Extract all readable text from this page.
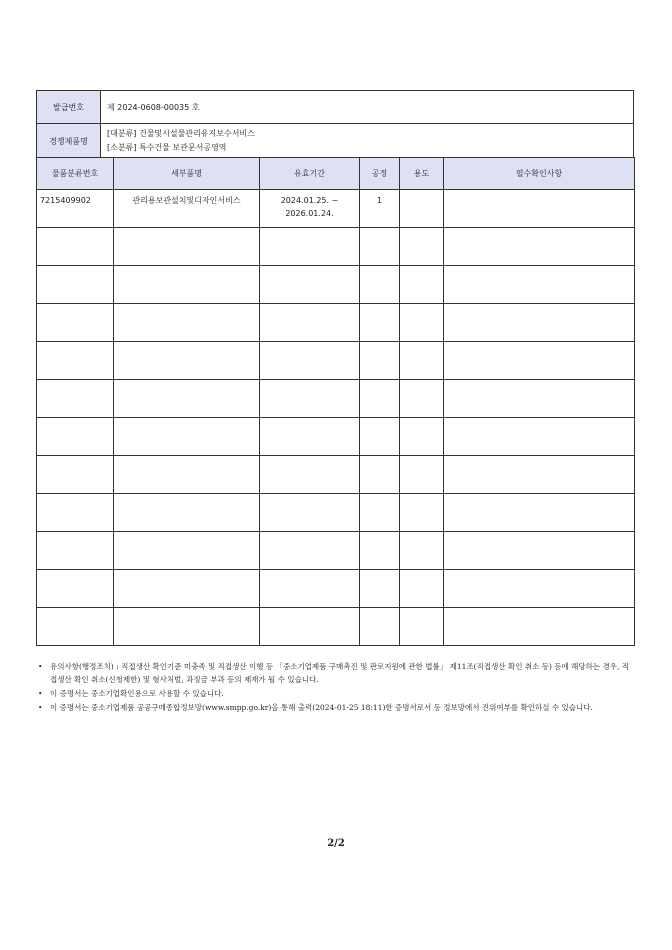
발급번호	제 2024-0608-00035 호
경쟁제품명	[대분류] 건물및시설물관리유지보수서비스
[소분류] 특수건물 보관문서공영역
물품분류번호	세부품명	유효기간	공정	용도	필수확인사항

7215409902	관리용보관설치및디자인서비스	2024.01.25. ~ 2026.01.24.	1		

•	유의사항(행정조치) : 직접생산 확인기준 미충족 및 직접생산 이행 등 「중소기업제품 구매촉진 및 판로지원에 관한 법률」 제11조(직접생산 확인 취소 등) 등에 해당하는 경우, 직접생산 확인 취소(신청제한) 및 형사처벌, 과징금 부과 등의 제재가 될 수 있습니다.
•	이 증명서는 중소기업확인용으로 사용할 수 있습니다.
•	이 증명서는 중소기업제품 공공구매종합정보망(www.smpp.go.kr)을 통해 출력(2024-01-25 18:11)한 증명서로서 동 정보망에서 진위여부를 확인하실 수 있습니다.
2/2
